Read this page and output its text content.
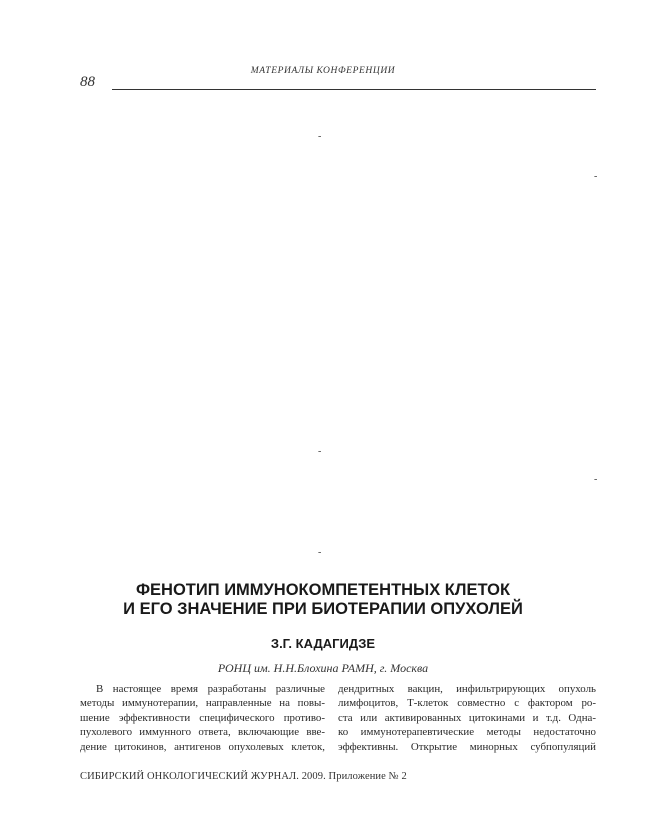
МАТЕРИАЛЫ КОНФЕРЕНЦИИ
88
-
-
-
-
-
ФЕНОТИП ИММУНОКОМПЕТЕНТНЫХ КЛЕТОК
И ЕГО ЗНАЧЕНИЕ ПРИ БИОТЕРАПИИ ОПУХОЛЕЙ
З.Г. КАДАГИДЗЕ
РОНЦ им. Н.Н.Блохина РАМН, г. Москва
В настоящее время разработаны различные
методы иммунотерапии, направленные на повы-
шение эффективности специфического противо-
пухолевого иммунного ответа, включающие вве-
дение цитокинов, антигенов опухолевых клеток,
дендритных вакцин, инфильтрирующих опухоль
лимфоцитов, Т-клеток совместно с фактором ро-
ста или активированных цитокинами и т.д. Одна-
ко иммунотерапевтические методы недостаточно
эффективны. Открытие минорных субпопуляций
СИБИРСКИЙ ОНКОЛОГИЧЕСКИЙ ЖУРНАЛ. 2009. Приложение № 2
